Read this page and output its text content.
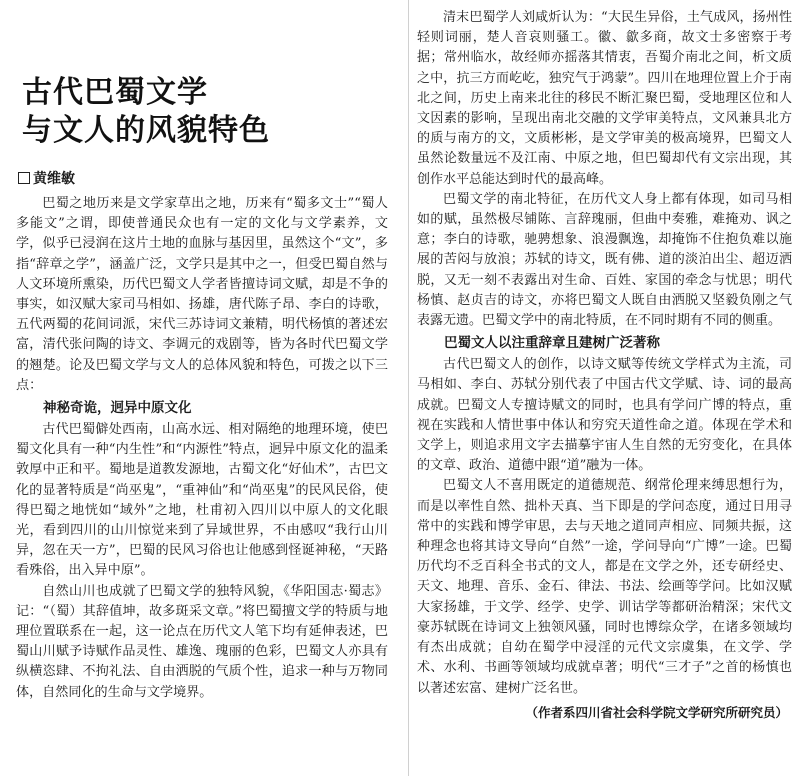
古代巴蜀文学
与文人的风貌特色
黄维敏

巴蜀之地历来是文学家草出之地，历来有“蜀多文士”“蜀人多能文”之谓，即使普通民众也有一定的文化与文学素养，文学，似乎已浸润在这片土地的血脉与基因里，虽然这个“文”，多指“辞章之学”，涵盖广泛，文学只是其中之一，但受巴蜀自然与人文环境所熏染，历代巴蜀文人学者皆擅诗词文赋，却是不争的事实，如汉赋大家司马相如、扬雄，唐代陈子昂、李白的诗歌，五代两蜀的花间词派，宋代三苏诗词文兼精，明代杨慎的著述宏富，清代张问陶的诗文、李调元的戏剧等，皆为各时代巴蜀文学的翘楚。论及巴蜀文学与文人的总体风貌和特色，可拨之以下三点：

神秘奇诡，迥异中原文化

古代巴蜀僻处西南，山高水远、相对隔绝的地理环境，使巴蜀文化具有一种“内生性”和“内源性”特点，迥异中原文化的温柔敦厚中正和平。蜀地是道教发源地，古蜀文化“好仙术”，古巴文化的显著特质是“尚巫鬼”，“重神仙”和“尚巫鬼”的民风民俗，使得巴蜀之地恍如“域外”之地，杜甫初入四川以中原人的文化眼光，看到四川的山川惊觉来到了异域世界，不由感叹“我行山川异，忽在天一方”，巴蜀的民风习俗也让他感到怪诞神秘，“天路看殊俗，出入异中原”。

自然山川也成就了巴蜀文学的独特风貌，《华阳国志·蜀志》记：“（蜀）其辞值坤，故多斑采文章。”将巴蜀擅文学的特质与地理位置联系在一起，这一论点在历代文人笔下均有延伸表述，巴蜀山川赋予诗赋作品灵性、雄逸、瑰丽的色彩，巴蜀文人亦具有纵横恣肆、不拘礼法、自由洒脱的气质个性，追求一种与万物同体，自然同化的生命与文学境界。

清末巴蜀学人刘咸炘认为：“大民生异俗，土气成风，扬州性轻则词丽，楚人音哀则骚工。徽、歙多商，故文士多密察于考据；常州临水，故经师亦摇落其情衷，吾蜀介南北之间，析文质之中，抗三方而屹屹，独究气于鸿蒙”。四川在地理位置上介于南北之间，历史上南来北往的移民不断汇聚巴蜀，受地理区位和人文因素的影响，呈现出南北交融的文学审美特点，文风兼具北方的质与南方的文，文质彬彬，是文学审美的极高境界，巴蜀文人虽然论数量远不及江南、中原之地，但巴蜀却代有文宗出现，其创作水平总能达到时代的最高峰。

巴蜀文学的南北特征，在历代文人身上都有体现，如司马相如的赋，虽然极尽铺陈、言辞瑰丽，但曲中奏雅，难掩劝、讽之意；李白的诗歌，驰骋想象、浪漫飘逸，却掩饰不住抱负难以施展的苦闷与放浪；苏轼的诗文，既有佛、道的淡泊出尘、超迈洒脱，又无一刻不表露出对生命、百姓、家国的牵念与忧思；明代杨慎、赵贞吉的诗文，亦将巴蜀文人既自由洒脱又坚毅负刚之气表露无遗。巴蜀文学中的南北特质，在不同时期有不同的侧重。

巴蜀文人以注重辞章且建树广泛著称

古代巴蜀文人的创作，以诗文赋等传统文学样式为主流，司马相如、李白、苏轼分别代表了中国古代文学赋、诗、词的最高成就。巴蜀文人专擅诗赋文的同时，也具有学问广博的特点，重视在实践和人情世事中体认和穷究天道性命之道。体现在学术和文学上，则追求用文字去描摹宇宙人生自然的无穷变化，在具体的文章、政治、道德中跟“道”融为一体。

巴蜀文人不喜用既定的道德规范、纲常伦理来缚思想行为，而是以率性自然、拙朴天真、当下即是的学问态度，通过日用寻常中的实践和博学审思，去与天地之道同声相应、同频共振，这种理念也将其诗文导向“自然”一途，学问导向“广博”一途。巴蜀历代均不乏百科全书式的文人，都是在文学之外，还专研经史、天文、地理、音乐、金石、律法、书法、绘画等学问。比如汉赋大家扬雄，于文学、经学、史学、训诂学等都研治精深；宋代文豪苏轼既在诗词文上独领风骚，同时也博综众学，在诸多领域均有杰出成就；自幼在蜀学中浸淫的元代文宗虞集，在文学、学术、水利、书画等领域均成就卓著；明代“三才子”之首的杨慎也以著述宏富、建树广泛名世。

（作者系四川省社会科学院文学研究所研究员）
